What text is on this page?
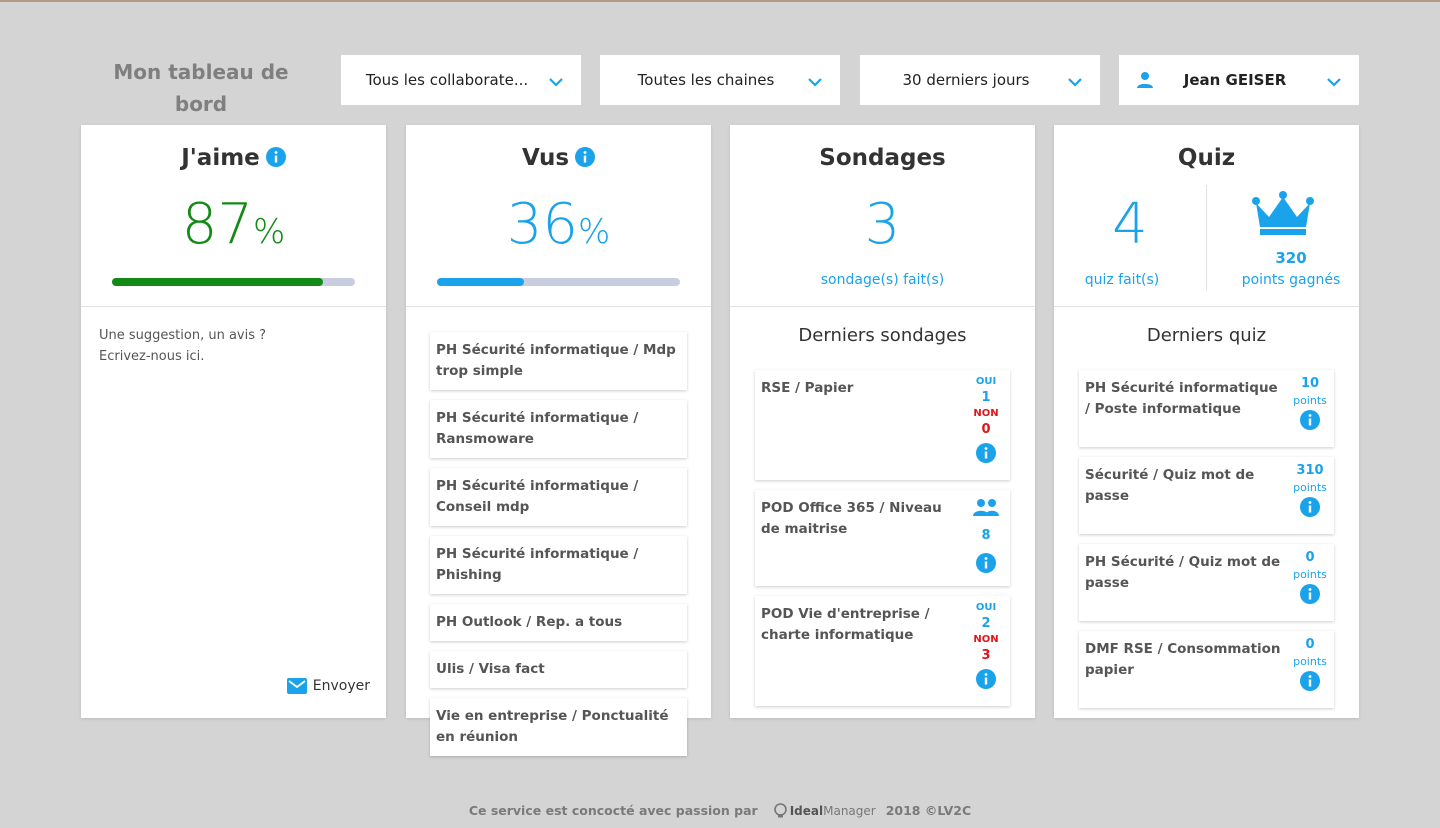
Mon tableau de bord
Tous les collaborate...	Toutes les chaines	30 derniers jours	Jean GEISER
J'aime
87%
Une suggestion, un avis ?
Ecrivez-nous ici.
Envoyer
Vus
36%
PH Sécurité informatique / Mdp trop simple
PH Sécurité informatique / Ransmoware
PH Sécurité informatique / Conseil mdp
PH Sécurité informatique / Phishing
PH Outlook / Rep. a tous
Ulis / Visa fact
Vie en entreprise / Ponctualité en réunion
Sondages
3
sondage(s) fait(s)
Derniers sondages
RSE / Papier	OUI
1
NON
0
POD Office 365 / Niveau de maitrise	8
POD Vie d'entreprise / charte informatique
OUI
2
NON
3
Quiz
4
quiz fait(s)
320
points gagnés
Derniers quiz
PH Sécurité informatique / Poste informatique
10
points
Sécurité / Quiz mot de passe
310
points
PH Sécurité / Quiz mot de passe
0
points
DMF RSE / Consommation papier
0
points
Ce service est concocté avec passion par	Ideal Manager 2018 ©LV2C
